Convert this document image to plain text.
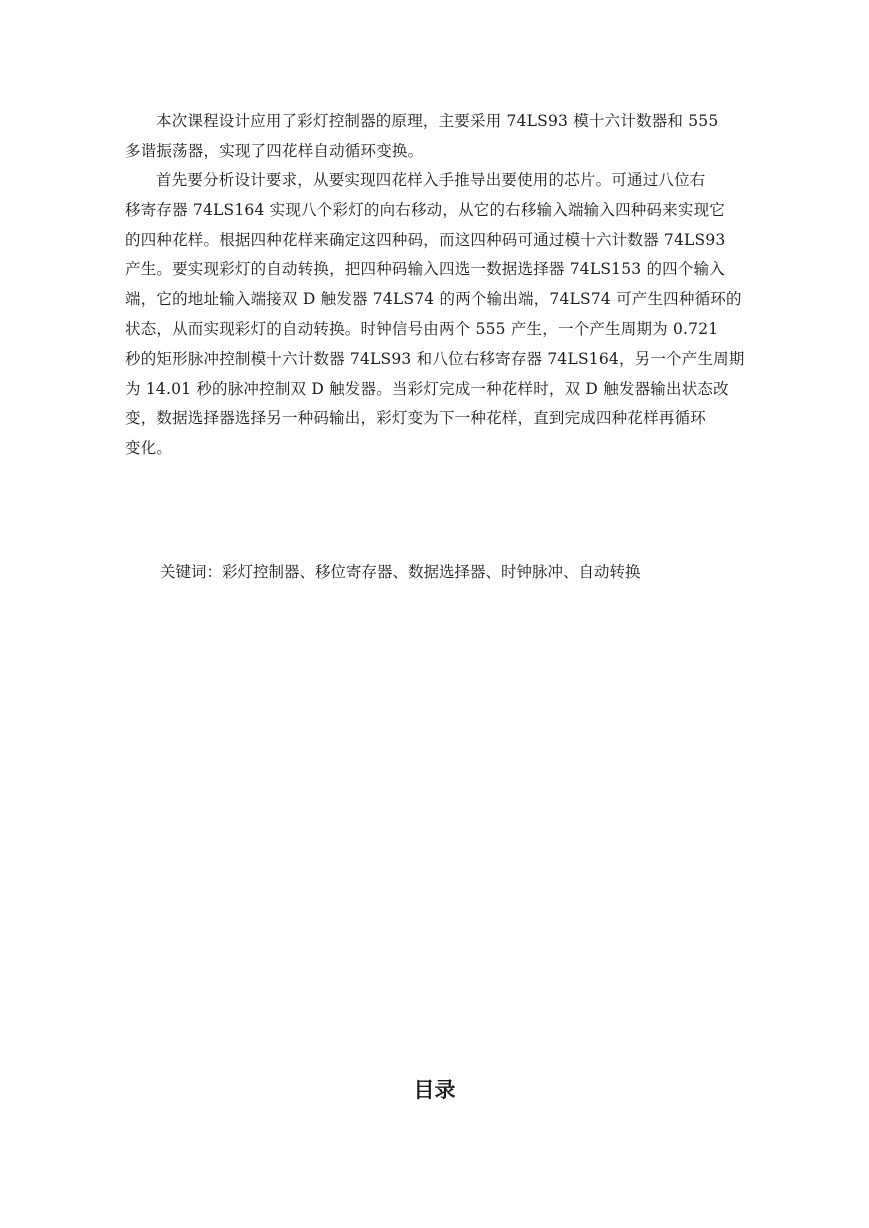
本次课程设计应用了彩灯控制器的原理，主要采用 74LS93 模十六计数器和 555
多谐振荡器，实现了四花样自动循环变换。

首先要分析设计要求，从要实现四花样入手推导出要使用的芯片。可通过八位右
移寄存器 74LS164 实现八个彩灯的向右移动，从它的右移输入端输入四种码来实现它
的四种花样。根据四种花样来确定这四种码，而这四种码可通过模十六计数器 74LS93
产生。要实现彩灯的自动转换，把四种码输入四选一数据选择器 74LS153 的四个输入
端，它的地址输入端接双 D 触发器 74LS74 的两个输出端，74LS74 可产生四种循环的
状态，从而实现彩灯的自动转换。时钟信号由两个 555 产生，一个产生周期为 0.721
秒的矩形脉冲控制模十六计数器 74LS93 和八位右移寄存器 74LS164，另一个产生周期
为 14.01 秒的脉冲控制双 D 触发器。当彩灯完成一种花样时，双 D 触发器输出状态改
变，数据选择器选择另一种码输出，彩灯变为下一种花样，直到完成四种花样再循环
变化。

关键词：彩灯控制器、移位寄存器、数据选择器、时钟脉冲、自动转换

目录
